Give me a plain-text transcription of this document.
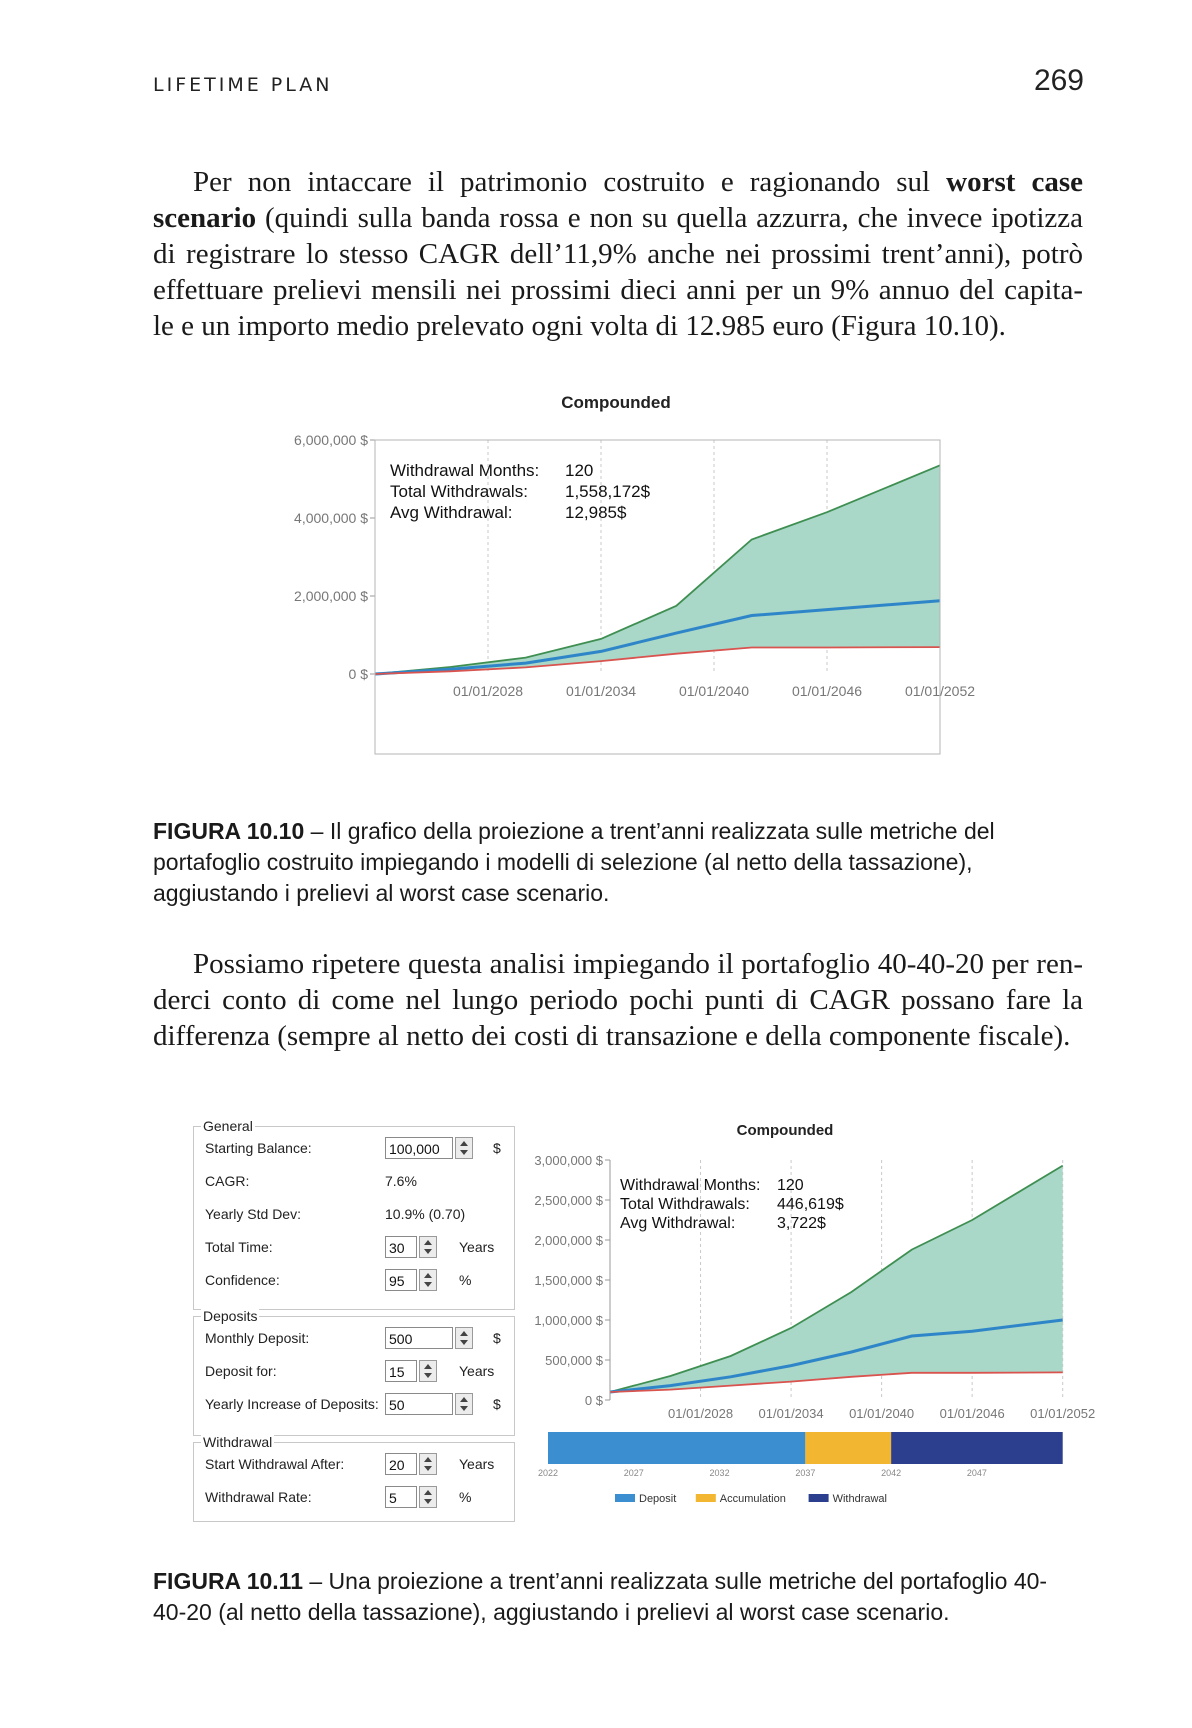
LIFETIME PLAN	269
Per non intaccare il patrimonio costruito e ragionando sul worst case
scenario (quindi sulla banda rossa e non su quella azzurra, che invece ipotizza
di registrare lo stesso CAGR dell’11,9% anche nei prossimi trent’anni), potrò
effettuare prelievi mensili nei prossimi dieci anni per un 9% annuo del capita-
le e un importo medio prelevato ogni volta di 12.985 euro (Figura 10.10).
Compounded
0 $
2,000,000 $
4,000,000 $
6,000,000 $
01/01/2028	01/01/2034	01/01/2040	01/01/2046	01/01/2052
Withdrawal Months:
Total Withdrawals:
Avg Withdrawal:
120
1,558,172$
12,985$

FIGURA 10.10 – Il grafico della proiezione a trent’anni realizzata sulle metriche del portafoglio costruito impiegando i modelli di selezione (al netto della tassazione), aggiustando i prelievi al worst case scenario.

Possiamo ripetere questa analisi impiegando il portafoglio 40-40-20 per ren-
derci conto di come nel lungo periodo pochi punti di CAGR possano fare la
differenza (sempre al netto dei costi di transazione e della componente fiscale).
General
Starting Balance:	100,000	$
CAGR:	7.6%
Yearly Std Dev:	10.9% (0.70)
Total Time:	30	Years
Confidence:	95	%
Deposits
Monthly Deposit:	500	$
Deposit for:	15	Years
Yearly Increase of Deposits: 50	$
Withdrawal
Start Withdrawal After:	20	Years
Withdrawal Rate:	5	%
Compounded
0 $
500,000 $
1,000,000 $
1,500,000 $
2,000,000 $
2,500,000 $
3,000,000 $
01/01/2028 01/01/2034 01/01/2040 01/01/2046 01/01/2052
Withdrawal Months:
Total Withdrawals:
Avg Withdrawal:
120
446,619$
3,722$
2022	2027	2032	2037	2042	2047
Deposit	Accumulation	Withdrawal

FIGURA 10.11 – Una proiezione a trent’anni realizzata sulle metriche del portafoglio 40-40-20 (al netto della tassazione), aggiustando i prelievi al worst case scenario.
